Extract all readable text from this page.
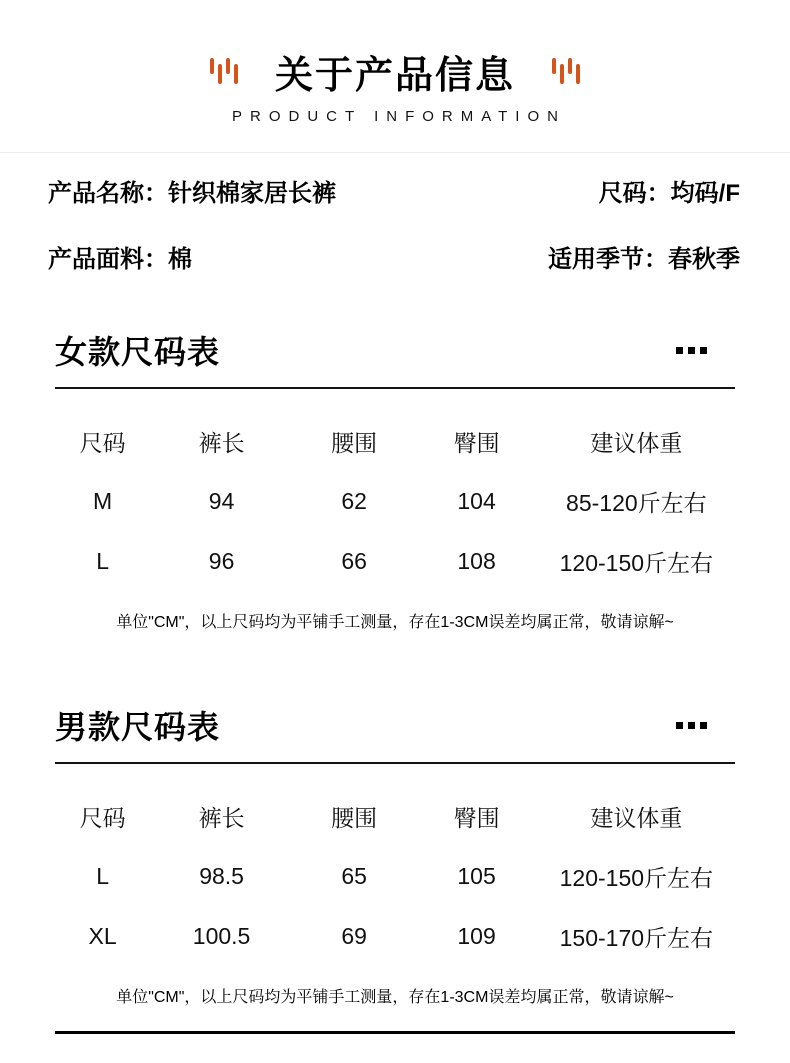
关于产品信息
PRODUCT INFORMATION
产品名称：针织棉家居长裤	尺码：均码/F
产品面料：棉	适用季节：春秋季
女款尺码表
尺码	裤长	腰围	臀围	建议体重
M	94	62	104	85-120斤左右
L	96	66	108	120-150斤左右
单位"CM"，以上尺码均为平铺手工测量，存在1-3CM误差均属正常，敬请谅解~
男款尺码表
尺码	裤长	腰围	臀围	建议体重
L	98.5	65	105	120-150斤左右
XL	100.5	69	109	150-170斤左右
单位"CM"，以上尺码均为平铺手工测量，存在1-3CM误差均属正常，敬请谅解~
